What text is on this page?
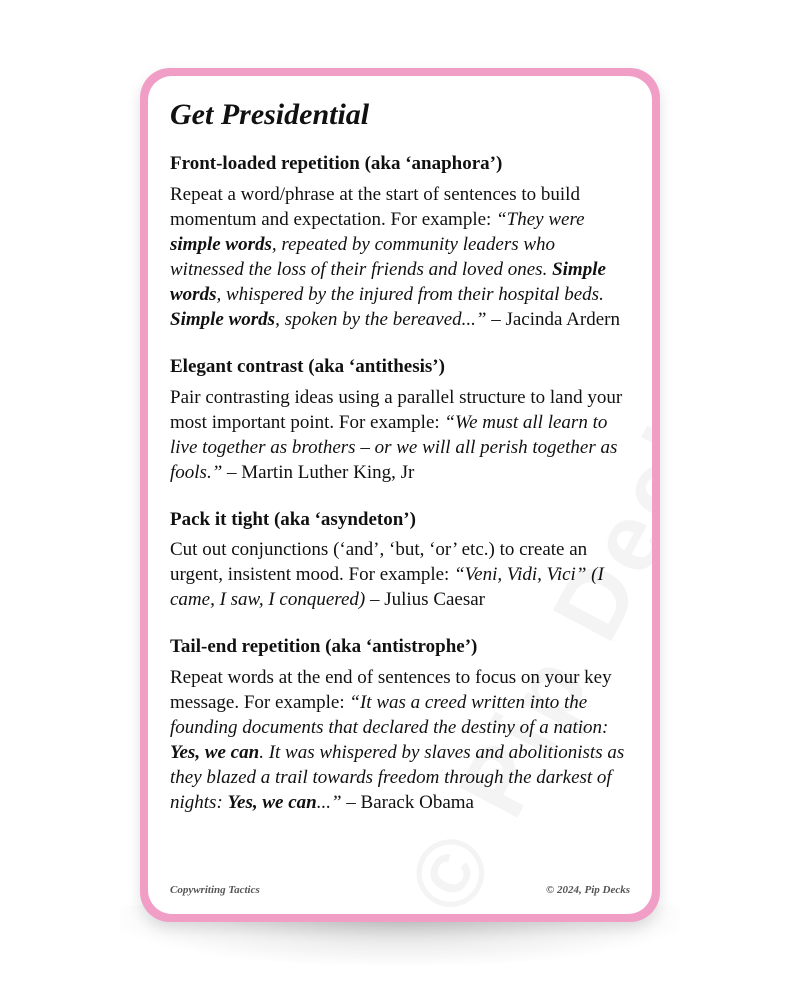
Get Presidential
Front-loaded repetition (aka ‘anaphora’)

Repeat a word/phrase at the start of sentences to build momentum and expectation. For example: “They were simple words, repeated by community leaders who witnessed the loss of their friends and loved ones. Simple words, whispered by the injured from their hospital beds. Simple words, spoken by the bereaved...” – Jacinda Ardern

Elegant contrast (aka ‘antithesis’)

Pair contrasting ideas using a parallel structure to land your most important point. For example: “We must all learn to live together as brothers – or we will all perish together as fools.” – Martin Luther King, Jr

Pack it tight (aka ‘asyndeton’)

Cut out conjunctions (‘and’, ‘but, ‘or’ etc.) to create an urgent, insistent mood. For example: “Veni, Vidi, Vici” (I came, I saw, I conquered) – Julius Caesar

Tail-end repetition (aka ‘antistrophe’)

Repeat words at the end of sentences to focus on your key message. For example: “It was a creed written into the founding documents that declared the destiny of a nation: Yes, we can. It was whispered by slaves and abolitionists as they blazed a trail towards freedom through the darkest of nights: Yes, we can...” – Barack Obama

Copywriting Tactics	© 2024, Pip Decks
